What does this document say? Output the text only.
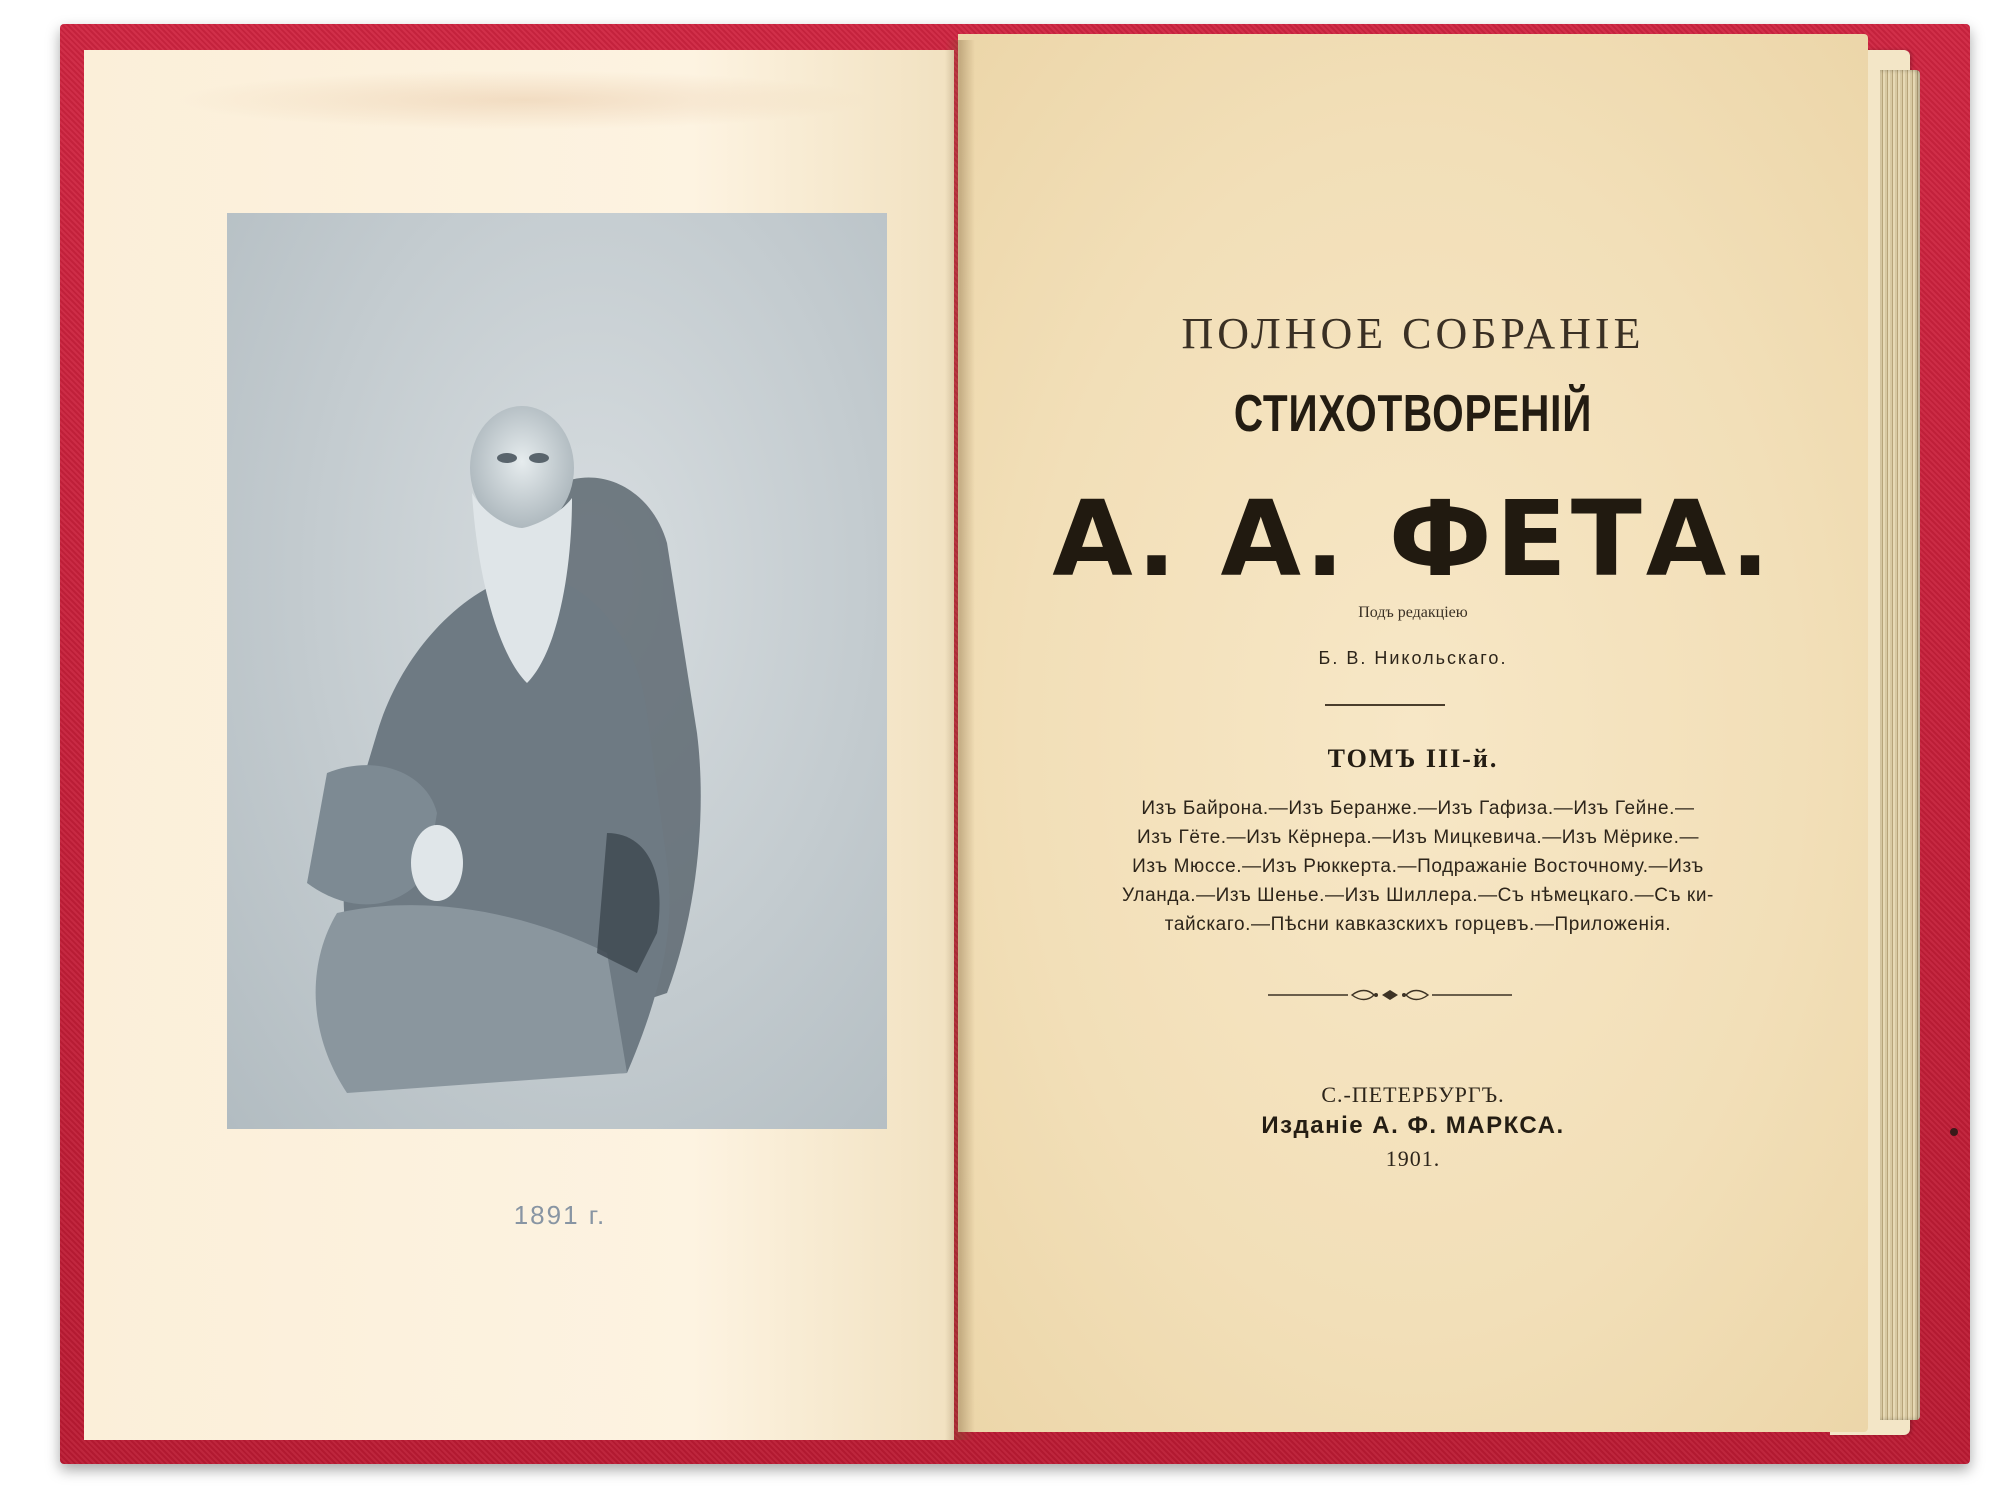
1891 г.
ПОЛНОЕ СОБРАНІЕ
СТИХОТВОРЕНІЙ
А. А. ФЕТА.
Подъ редакціею
Б. В. Никольскаго.
ТОМЪ III-й.
Изъ Байрона.—Изъ Беранже.—Изъ Гафиза.—Изъ Гейне.—
Изъ Гёте.—Изъ Кёрнера.—Изъ Мицкевича.—Изъ Мёрике.—
Изъ Мюссе.—Изъ Рюккерта.—Подражаніе Восточному.—Изъ
Уланда.—Изъ Шенье.—Изъ Шиллера.—Съ нѣмецкаго.—Съ ки-
тайскаго.—Пѣсни кавказскихъ горцевъ.—Приложенія.
С.-ПЕТЕРБУРГЪ.
Изданіе А. Ф. МАРКСА.
1901.
